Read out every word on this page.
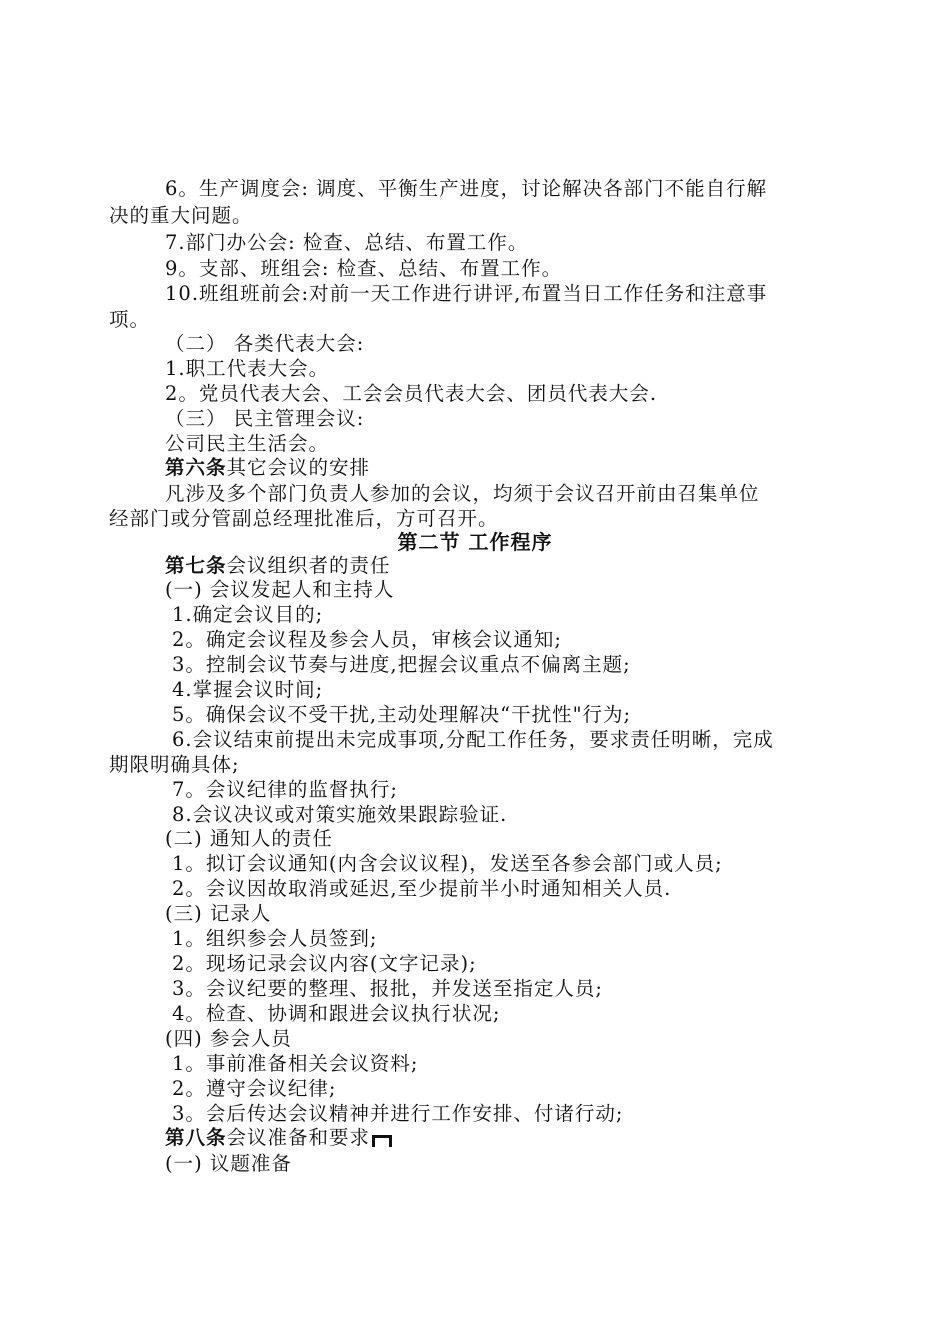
6。生产调度会: 调度、平衡生产进度，讨论解决各部门不能自行解
决的重大问题。
7.部门办公会: 检查、总结、布置工作。
9。支部、班组会: 检查、总结、布置工作。
10.班组班前会:对前一天工作进行讲评,布置当日工作任务和注意事
项。
（二） 各类代表大会:
1.职工代表大会。
2。党员代表大会、工会会员代表大会、团员代表大会.
（三） 民主管理会议:
公司民主生活会。
第六条其它会议的安排
凡涉及多个部门负责人参加的会议，均须于会议召开前由召集单位
经部门或分管副总经理批准后，方可召开。
第二节 工作程序
第七条会议组织者的责任
(一) 会议发起人和主持人
1.确定会议目的;
2。确定会议程及参会人员，审核会议通知;
3。控制会议节奏与进度,把握会议重点不偏离主题;
4.掌握会议时间;
5。确保会议不受干扰,主动处理解决“干扰性"行为;
6.会议结束前提出未完成事项,分配工作任务，要求责任明晰，完成
期限明确具体;
7。会议纪律的监督执行;
8.会议决议或对策实施效果跟踪验证.
(二) 通知人的责任
1。拟订会议通知(内含会议议程)，发送至各参会部门或人员;
2。会议因故取消或延迟,至少提前半小时通知相关人员.
(三) 记录人
1。组织参会人员签到;
2。现场记录会议内容(文字记录);
3。会议纪要的整理、报批，并发送至指定人员;
4。检查、协调和跟进会议执行状况;
(四) 参会人员
1。事前准备相关会议资料;
2。遵守会议纪律;
3。会后传达会议精神并进行工作安排、付诸行动;
第八条会议准备和要求
(一) 议题准备
